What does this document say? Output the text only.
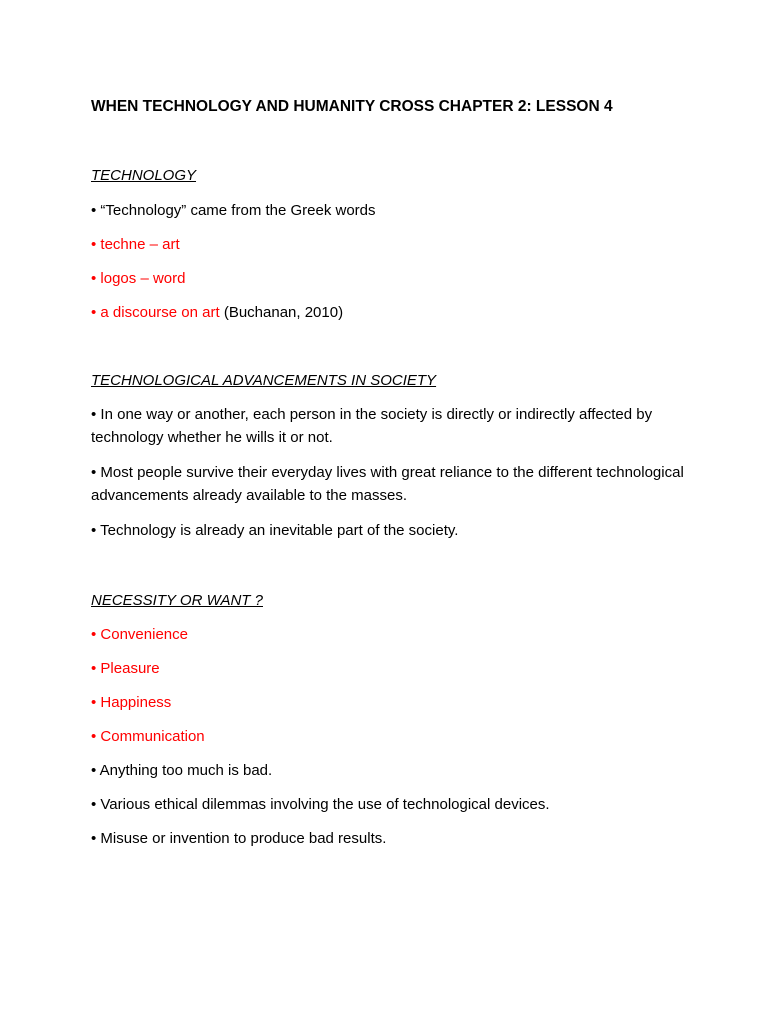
WHEN TECHNOLOGY AND HUMANITY CROSS CHAPTER 2: LESSON 4

TECHNOLOGY

• “Technology” came from the Greek words

• techne – art

• logos – word

• a discourse on art (Buchanan, 2010)

TECHNOLOGICAL ADVANCEMENTS IN SOCIETY

• In one way or another, each person in the society is directly or indirectly affected by technology whether he wills it or not.

• Most people survive their everyday lives with great reliance to the different technological advancements already available to the masses.

• Technology is already an inevitable part of the society.

NECESSITY OR WANT ?

• Convenience

• Pleasure

• Happiness

• Communication

• Anything too much is bad.

• Various ethical dilemmas involving the use of technological devices.

• Misuse or invention to produce bad results.
